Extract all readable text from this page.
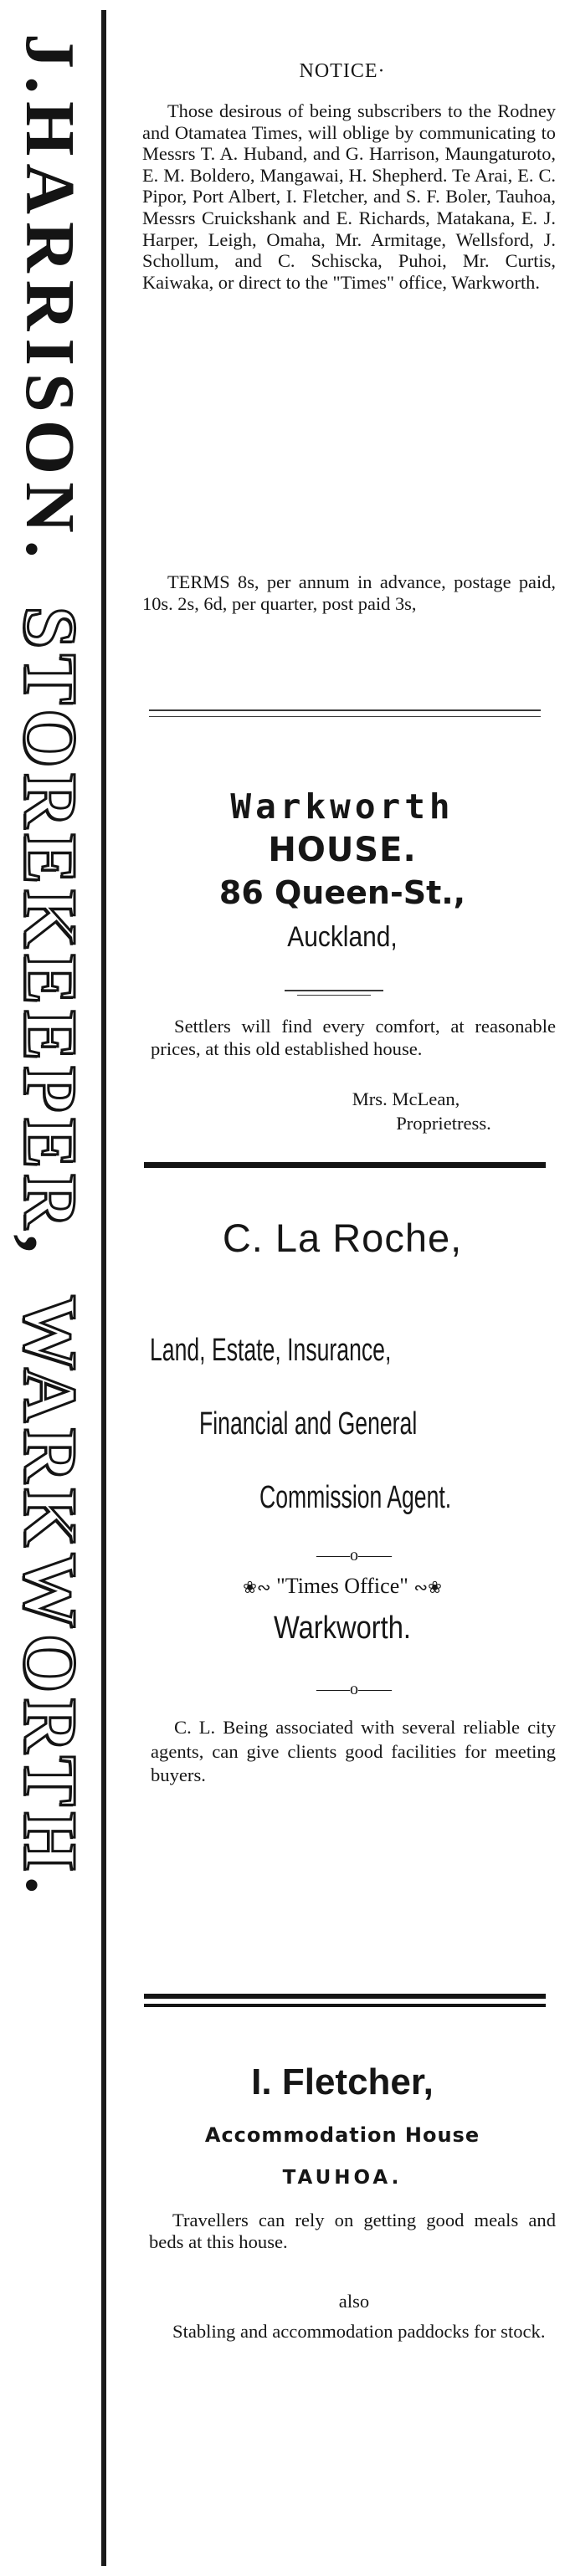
J.HARRISON
.
STOREKEEPER
,
WARKWORTH
.
NOTICE·
Those desirous of being subscribers to the Rodney and Otamatea Times, will oblige by communicating to Messrs T. A. Huband, and G. Harrison, Maungaturoto, E. M. Boldero, Mangawai, H. Shepherd. Te Arai, E. C. Pipor, Port Albert, I. Fletcher, and S. F. Boler, Tauhoa, Messrs Cruickshank and E. Richards, Matakana, E. J. Harper, Leigh, Omaha, Mr. Armitage, Wellsford, J. Schollum, and C. Schiscka, Puhoi, Mr. Curtis, Kaiwaka, or direct to the "Times" office, Warkworth.
TERMS 8s, per annum in advance, postage paid, 10s. 2s, 6d, per quarter, post paid 3s,
Warkworth
HOUSE.
86 Queen-St.,
Auckland,
Settlers will find every comfort, at reasonable prices, at this old established house.
Mrs. McLean,
Proprietress.
C. La Roche,
Land, Estate, Insurance,
Financial and General
Commission Agent.
——o——
❀∾ "Times Office" ∾❀
Warkworth.
——o——
C. L. Being associated with several reliable city agents, can give clients good facilities for meeting buyers.
I. Fletcher,
Accommodation House
TAUHOA.
Travellers can rely on getting good meals and beds at this house.
also
Stabling and accommodation paddocks for stock.
